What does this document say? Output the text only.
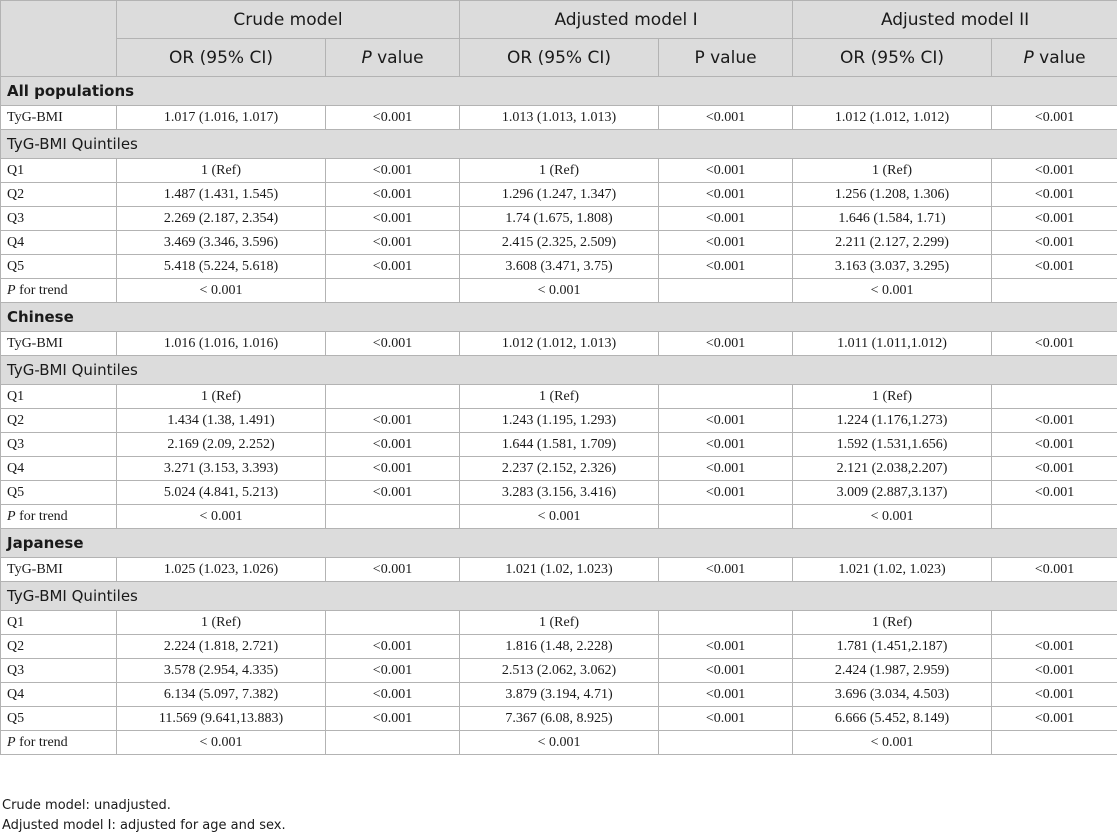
	Crude model		Adjusted model I		Adjusted model II	
	OR (95% CI)	P value	OR (95% CI)	P value	OR (95% CI)	P value
All populations						
TyG-BMI	1.017 (1.016, 1.017)	<0.001	1.013 (1.013, 1.013)	<0.001	1.012 (1.012, 1.012)	<0.001
TyG-BMI Quintiles						
Q1	1 (Ref)	<0.001	1 (Ref)	<0.001	1 (Ref)	<0.001
Q2	1.487 (1.431, 1.545)	<0.001	1.296 (1.247, 1.347)	<0.001	1.256 (1.208, 1.306)	<0.001
Q3	2.269 (2.187, 2.354)	<0.001	1.74 (1.675, 1.808)	<0.001	1.646 (1.584, 1.71)	<0.001
Q4	3.469 (3.346, 3.596)	<0.001	2.415 (2.325, 2.509)	<0.001	2.211 (2.127, 2.299)	<0.001
Q5	5.418 (5.224, 5.618)	<0.001	3.608 (3.471, 3.75)	<0.001	3.163 (3.037, 3.295)	<0.001
P for trend	< 0.001		< 0.001		< 0.001	
Chinese						
TyG-BMI	1.016 (1.016, 1.016)	<0.001	1.012 (1.012, 1.013)	<0.001	1.011 (1.011,1.012)	<0.001
TyG-BMI Quintiles						
Q1	1 (Ref)		1 (Ref)		1 (Ref)	
Q2	1.434 (1.38, 1.491)	<0.001	1.243 (1.195, 1.293)	<0.001	1.224 (1.176,1.273)	<0.001
Q3	2.169 (2.09, 2.252)	<0.001	1.644 (1.581, 1.709)	<0.001	1.592 (1.531,1.656)	<0.001
Q4	3.271 (3.153, 3.393)	<0.001	2.237 (2.152, 2.326)	<0.001	2.121 (2.038,2.207)	<0.001
Q5	5.024 (4.841, 5.213)	<0.001	3.283 (3.156, 3.416)	<0.001	3.009 (2.887,3.137)	<0.001
P for trend	< 0.001		< 0.001		< 0.001	
Japanese						
TyG-BMI	1.025 (1.023, 1.026)	<0.001	1.021 (1.02, 1.023)	<0.001	1.021 (1.02, 1.023)	<0.001
TyG-BMI Quintiles						
Q1	1 (Ref)		1 (Ref)		1 (Ref)	
Q2	2.224 (1.818, 2.721)	<0.001	1.816 (1.48, 2.228)	<0.001	1.781 (1.451,2.187)	<0.001
Q3	3.578 (2.954, 4.335)	<0.001	2.513 (2.062, 3.062)	<0.001	2.424 (1.987, 2.959)	<0.001
Q4	6.134 (5.097, 7.382)	<0.001	3.879 (3.194, 4.71)	<0.001	3.696 (3.034, 4.503)	<0.001
Q5	11.569 (9.641,13.883)	<0.001	7.367 (6.08, 8.925)	<0.001	6.666 (5.452, 8.149)	<0.001
P for trend	< 0.001		< 0.001		< 0.001	
Crude model: unadjusted.
Adjusted model I: adjusted for age and sex.
